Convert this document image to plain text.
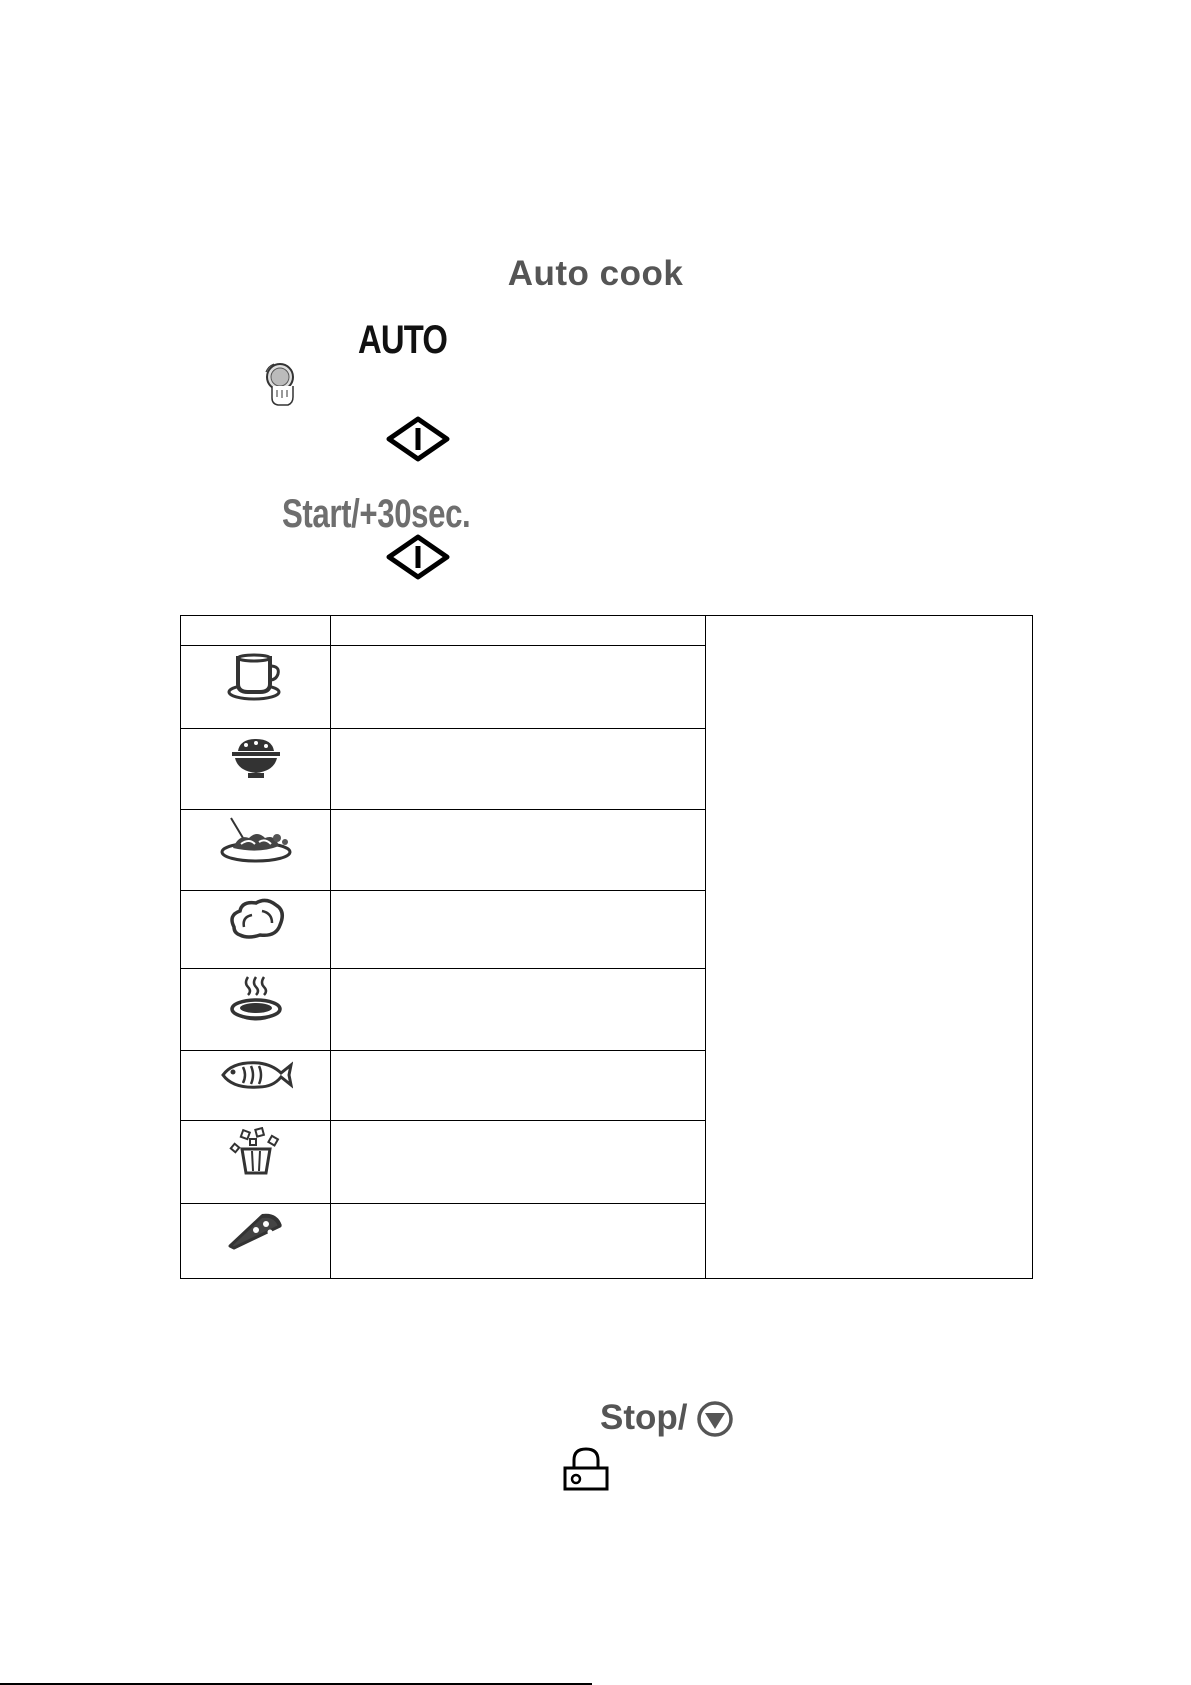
Auto cook
AUTO
Start/+30sec.

Stop/
